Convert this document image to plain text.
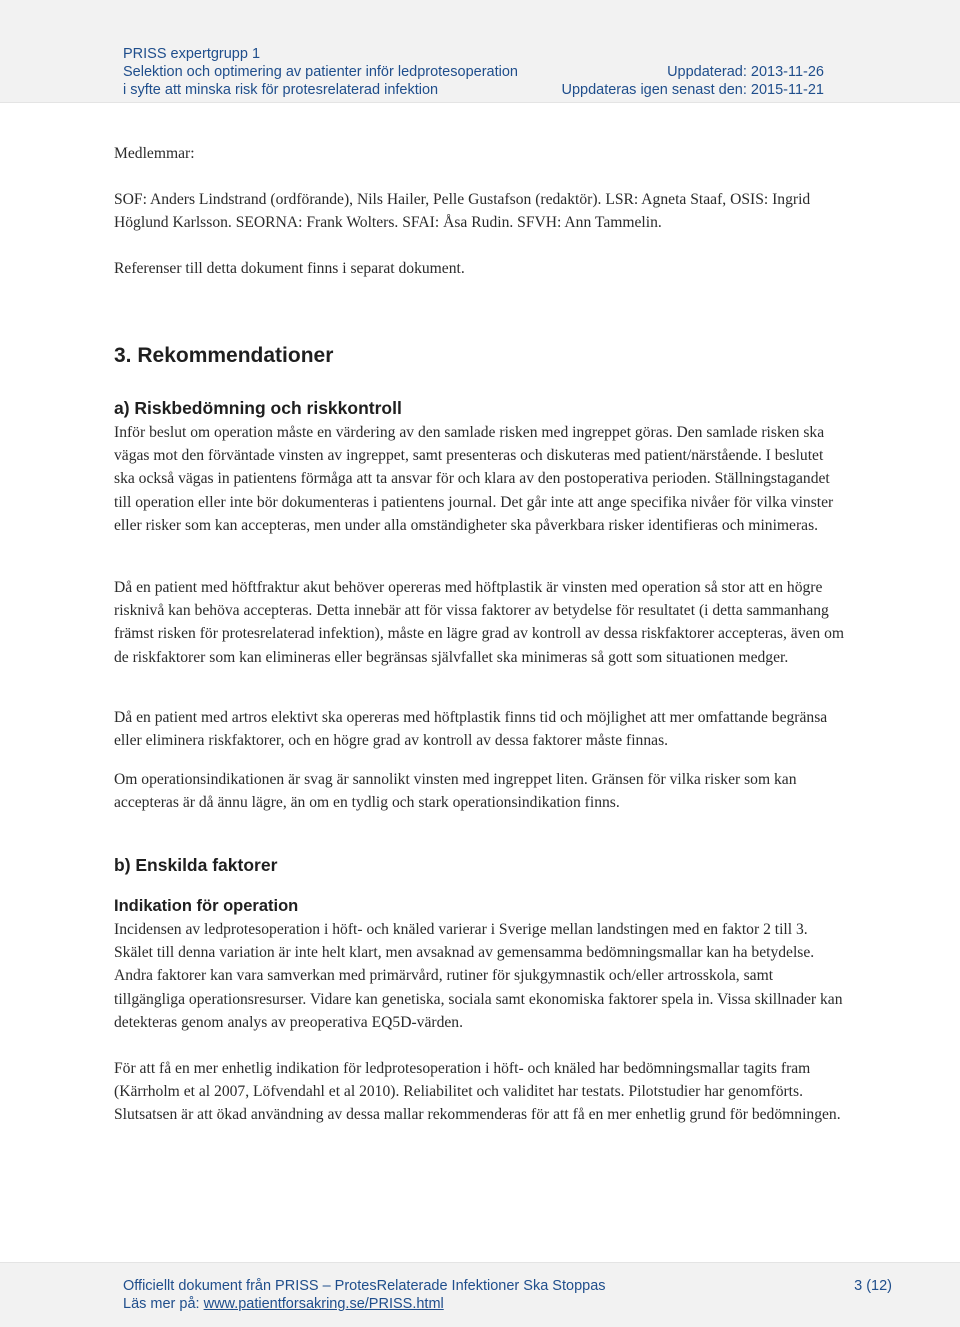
PRISS expertgrupp 1
Selektion och optimering av patienter inför ledprotesoperation
i syfte att minska risk för protesrelaterad infektion
Uppdaterad: 2013-11-26
Uppdateras igen senast den: 2015-11-21

Medlemmar:

SOF: Anders Lindstrand (ordförande), Nils Hailer, Pelle Gustafson (redaktör). LSR: Agneta Staaf, OSIS: Ingrid Höglund Karlsson. SEORNA: Frank Wolters. SFAI: Åsa Rudin. SFVH: Ann Tammelin.

Referenser till detta dokument finns i separat dokument.

3. Rekommendationer
a) Riskbedömning och riskkontroll

Inför beslut om operation måste en värdering av den samlade risken med ingreppet göras. Den samlade risken ska vägas mot den förväntade vinsten av ingreppet, samt presenteras och diskuteras med patient/närstående. I beslutet ska också vägas in patientens förmåga att ta ansvar för och klara av den postoperativa perioden. Ställningstagandet till operation eller inte bör dokumenteras i patientens journal. Det går inte att ange specifika nivåer för vilka vinster eller risker som kan accepteras, men under alla omständigheter ska påverkbara risker identifieras och minimeras.

Då en patient med höftfraktur akut behöver opereras med höftplastik är vinsten med operation så stor att en högre risknivå kan behöva accepteras. Detta innebär att för vissa faktorer av betydelse för resultatet (i detta sammanhang främst risken för protesrelaterad infektion), måste en lägre grad av kontroll av dessa riskfaktorer accepteras, även om de riskfaktorer som kan elimineras eller begränsas självfallet ska minimeras så gott som situationen medger.

Då en patient med artros elektivt ska opereras med höftplastik finns tid och möjlighet att mer omfattande begränsa eller eliminera riskfaktorer, och en högre grad av kontroll av dessa faktorer måste finnas.

Om operationsindikationen är svag är sannolikt vinsten med ingreppet liten. Gränsen för vilka risker som kan accepteras är då ännu lägre, än om en tydlig och stark operationsindikation finns.

b) Enskilda faktorer
Indikation för operation

Incidensen av ledprotesoperation i höft- och knäled varierar i Sverige mellan landstingen med en faktor 2 till 3. Skälet till denna variation är inte helt klart, men avsaknad av gemensamma bedömningsmallar kan ha betydelse. Andra faktorer kan vara samverkan med primärvård, rutiner för sjukgymnastik och/eller artrosskola, samt tillgängliga operationsresurser. Vidare kan genetiska, sociala samt ekonomiska faktorer spela in. Vissa skillnader kan detekteras genom analys av preoperativa EQ5D-värden.

För att få en mer enhetlig indikation för ledprotesoperation i höft- och knäled har bedömningsmallar tagits fram (Kärrholm et al 2007, Löfvendahl et al 2010). Reliabilitet och validitet har testats. Pilotstudier har genomförts. Slutsatsen är att ökad användning av dessa mallar rekommenderas för att få en mer enhetlig grund för bedömningen.

Officiellt dokument från PRISS – ProtesRelaterade Infektioner Ska Stoppas
Läs mer på: www.patientforsakring.se/PRISS.html
3 (12)
